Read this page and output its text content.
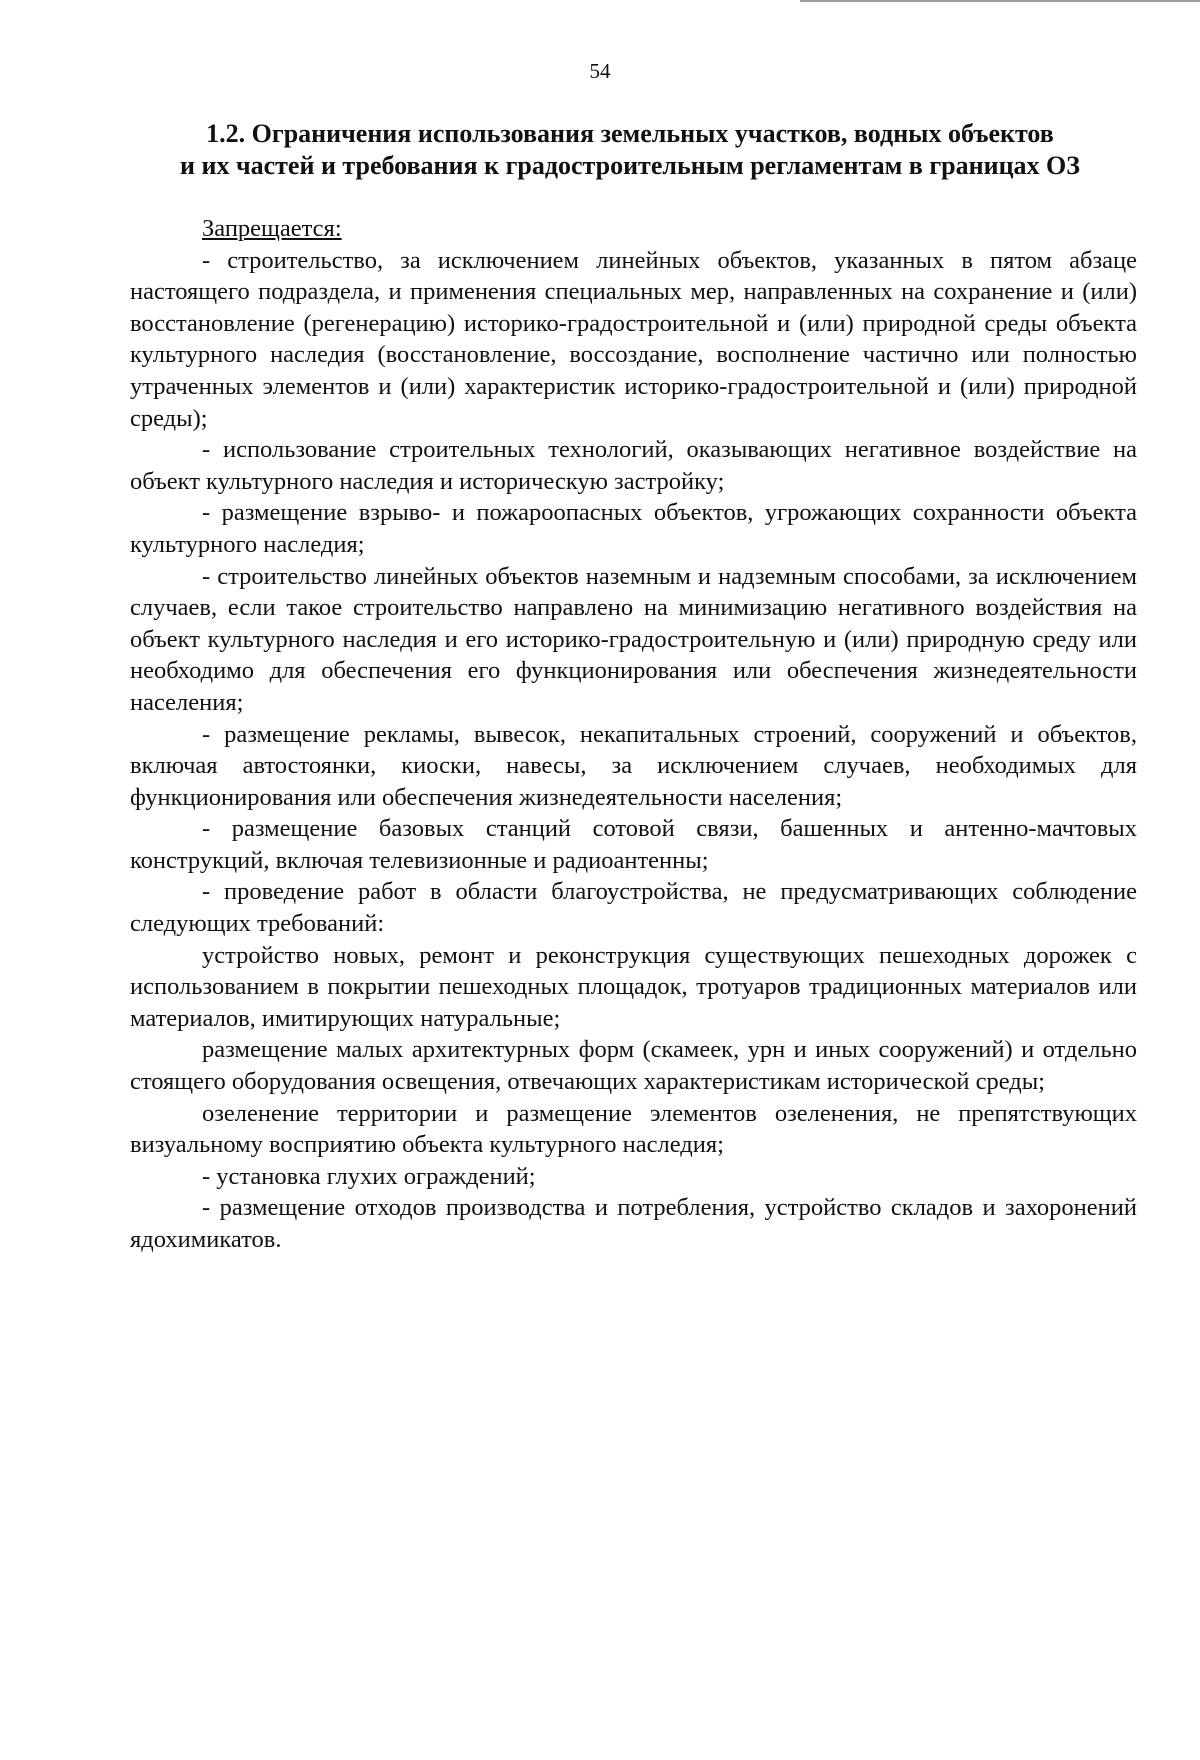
54
1.2. Ограничения использования земельных участков, водных объектов
и их частей и требования к градостроительным регламентам в границах ОЗ
Запрещается:

- строительство, за исключением линейных объектов, указанных в пятом абзаце настоящего подраздела, и применения специальных мер, направленных на сохранение и (или) восстановление (регенерацию) историко-градостроительной и (или) природной среды объекта культурного наследия (восстановление, воссоздание, восполнение частично или полностью утраченных элементов и (или) характеристик историко-градостроительной и (или) природной среды);

- использование строительных технологий, оказывающих негативное воздействие на объект культурного наследия и историческую застройку;

- размещение взрыво- и пожароопасных объектов, угрожающих сохранности объекта культурного наследия;

- строительство линейных объектов наземным и надземным способами, за исключением случаев, если такое строительство направлено на минимизацию негативного воздействия на объект культурного наследия и его историко-градостроительную и (или) природную среду или необходимо для обеспечения его функционирования или обеспечения жизнедеятельности населения;

- размещение рекламы, вывесок, некапитальных строений, сооружений и объектов, включая автостоянки, киоски, навесы, за исключением случаев, необходимых для функционирования или обеспечения жизнедеятельности населения;

- размещение базовых станций сотовой связи, башенных и антенно-мачтовых конструкций, включая телевизионные и радиоантенны;

- проведение работ в области благоустройства, не предусматривающих соблюдение следующих требований:

устройство новых, ремонт и реконструкция существующих пешеходных дорожек с использованием в покрытии пешеходных площадок, тротуаров традиционных материалов или материалов, имитирующих натуральные;

размещение малых архитектурных форм (скамеек, урн и иных сооружений) и отдельно стоящего оборудования освещения, отвечающих характеристикам исторической среды;

озеленение территории и размещение элементов озеленения, не препятствующих визуальному восприятию объекта культурного наследия;

- установка глухих ограждений;

- размещение отходов производства и потребления, устройство складов и захоронений ядохимикатов.
